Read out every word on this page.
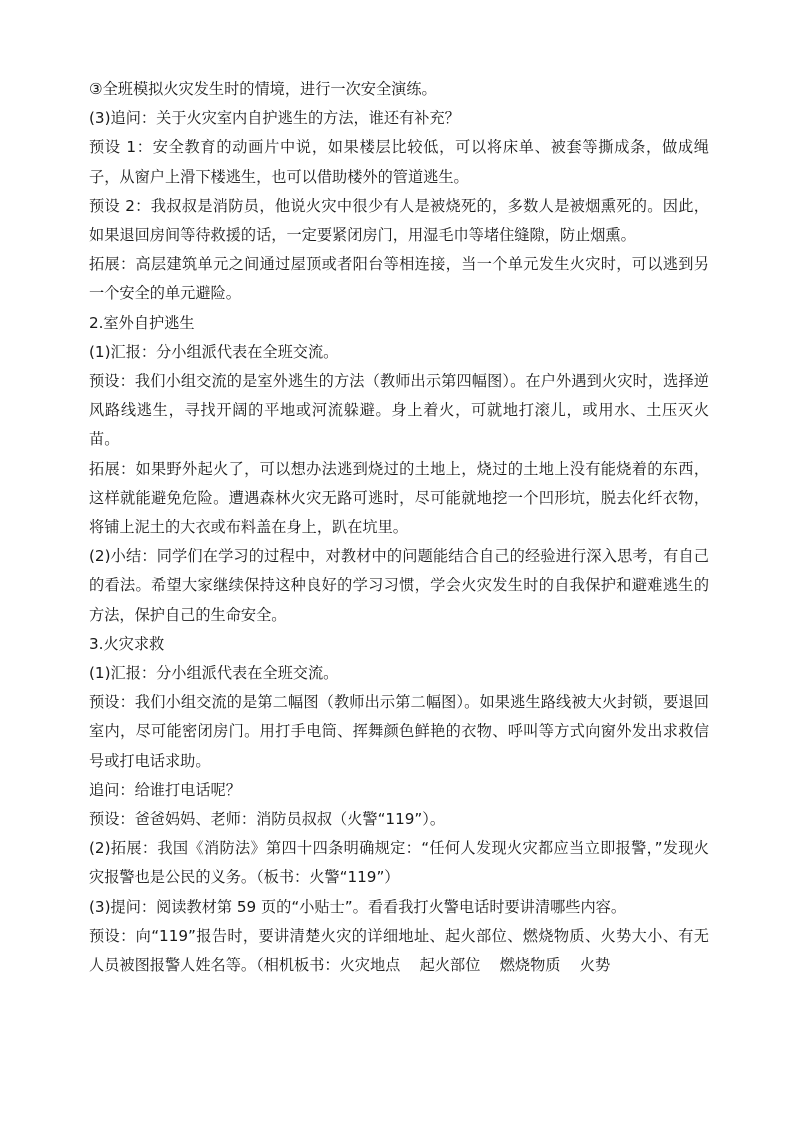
③全班模拟火灾发生时的情境，进行一次安全演练。

(3)追问：关于火灾室内自护逃生的方法，谁还有补充？

预设 1：安全教育的动画片中说，如果楼层比较低，可以将床单、被套等撕成条，做成绳子，从窗户上滑下楼逃生，也可以借助楼外的管道逃生。

预设 2：我叔叔是消防员，他说火灾中很少有人是被烧死的，多数人是被烟熏死的。因此，如果退回房间等待救援的话，一定要紧闭房门，用湿毛巾等堵住缝隙，防止烟熏。

拓展：高层建筑单元之间通过屋顶或者阳台等相连接，当一个单元发生火灾时，可以逃到另一个安全的单元避险。

2.室外自护逃生

(1)汇报：分小组派代表在全班交流。

预设：我们小组交流的是室外逃生的方法（教师出示第四幅图）。在户外遇到火灾时，选择逆风路线逃生，寻找开阔的平地或河流躲避。身上着火，可就地打滚儿，或用水、土压灭火苗。

拓展：如果野外起火了，可以想办法逃到烧过的土地上，烧过的土地上没有能烧着的东西，这样就能避免危险。遭遇森林火灾无路可逃时，尽可能就地挖一个凹形坑，脱去化纤衣物，将铺上泥土的大衣或布料盖在身上，趴在坑里。

(2)小结：同学们在学习的过程中，对教材中的问题能结合自己的经验进行深入思考，有自己的看法。希望大家继续保持这种良好的学习习惯，学会火灾发生时的自我保护和避难逃生的方法，保护自己的生命安全。

3.火灾求救

(1)汇报：分小组派代表在全班交流。

预设：我们小组交流的是第二幅图（教师出示第二幅图）。如果逃生路线被大火封锁，要退回室内，尽可能密闭房门。用打手电筒、挥舞颜色鲜艳的衣物、呼叫等方式向窗外发出求救信号或打电话求助。

追问：给谁打电话呢？

预设：爸爸妈妈、老师：消防员叔叔（火警“119”）。

(2)拓展：我国《消防法》第四十四条明确规定：“任何人发现火灾都应当立即报警，”发现火灾报警也是公民的义务。（板书：火警“119”）

(3)提问：阅读教材第 59 页的“小贴士”。看看我打火警电话时要讲清哪些内容。

预设：向“119”报告时，要讲清楚火灾的详细地址、起火部位、燃烧物质、火势大小、有无人员被图报警人姓名等。（相机板书：火灾地点    起火部位    燃烧物质    火势
